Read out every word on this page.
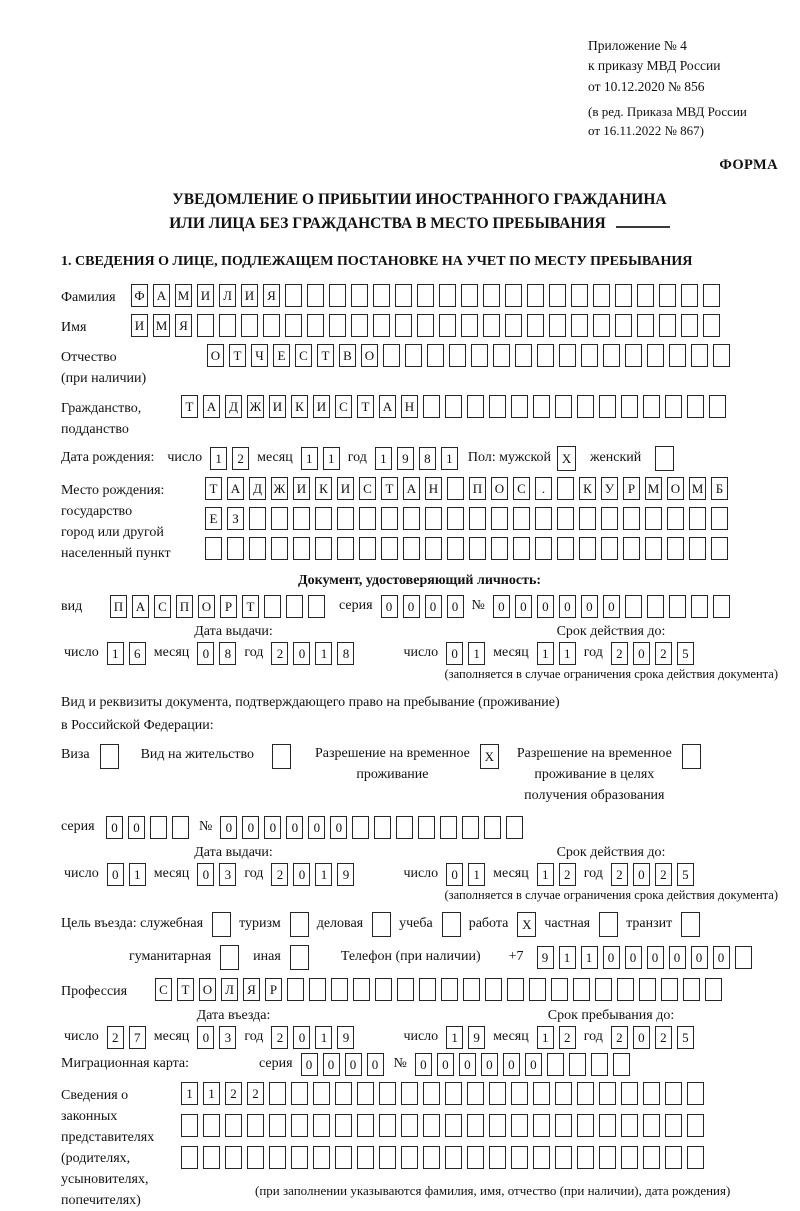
Приложение № 4
к приказу МВД России
от 10.12.2020 № 856
(в ред. Приказа МВД России
от 16.11.2022 № 867)
ФОРМА
УВЕДОМЛЕНИЕ О ПРИБЫТИИ ИНОСТРАННОГО ГРАЖДАНИНА
ИЛИ ЛИЦА БЕЗ ГРАЖДАНСТВА В МЕСТО ПРЕБЫВАНИЯ
1. СВЕДЕНИЯ О ЛИЦЕ, ПОДЛЕЖАЩЕМ ПОСТАНОВКЕ НА УЧЕТ ПО МЕСТУ ПРЕБЫВАНИЯ
Фамилия	Ф А М И Л И Я
Имя	И М Я
Отчество
(при наличии)
О	Т	Ч	Е	С	Т	В О
Гражданство,
подданство
Т	А Д Ж И К И С	Т	А Н
Дата рождения: число	1	2 месяц	1	1 год	1	9	8	1	Пол: мужской X	женский
Место рождения:
государство
город или другой
населенный пункт
Т	А Д Ж И К И С	Т	А Н	П О С	.	К	У	Р М О М Б
Е	З
Документ, удостоверяющий личность:
вид	П А С П О	Р	Т	серия	0	0	0	0 №	0	0	0	0	0	0
Дата выдачи:	Срок действия до:
число	1	6 месяц	0	8 год	2	0	1	8	число	0	1 месяц	1	1 год	2	0	2	5
(заполняется в случае ограничения срока действия документа)
Вид и реквизиты документа, подтверждающего право на пребывание (проживание)
в Российской Федерации:
Виза	Вид на жительство	Разрешение на временное
проживание
X	Разрешение на временное
проживание в целях
получения образования
серия	0	0	№	0	0	0	0	0	0
Дата выдачи:	Срок действия до:
число	0	1 месяц	0	3 год	2	0	1	9	число	0	1 месяц	1	2 год	2	0	2	5
(заполняется в случае ограничения срока действия документа)
Цель въезда: служебная	туризм	деловая	учеба	работа	X частная	транзит
гуманитарная	иная	Телефон (при наличии) +7	9	1	1	0	0	0	0	0	0
Профессия	С	Т	О Л	Я	Р
Дата въезда:	Срок пребывания до:
число	2	7 месяц	0	3 год	2	0	1	9	число	1	9 месяц	1	2 год	2	0	2	5
Миграционная карта:	серия	0	0	0	0	№	0	0	0	0	0	0
Сведения о
законных
представителях
(родителях,
усыновителях,
попечителях)
1	1	2	2
(при заполнении указываются фамилия, имя, отчество (при наличии), дата рождения)
